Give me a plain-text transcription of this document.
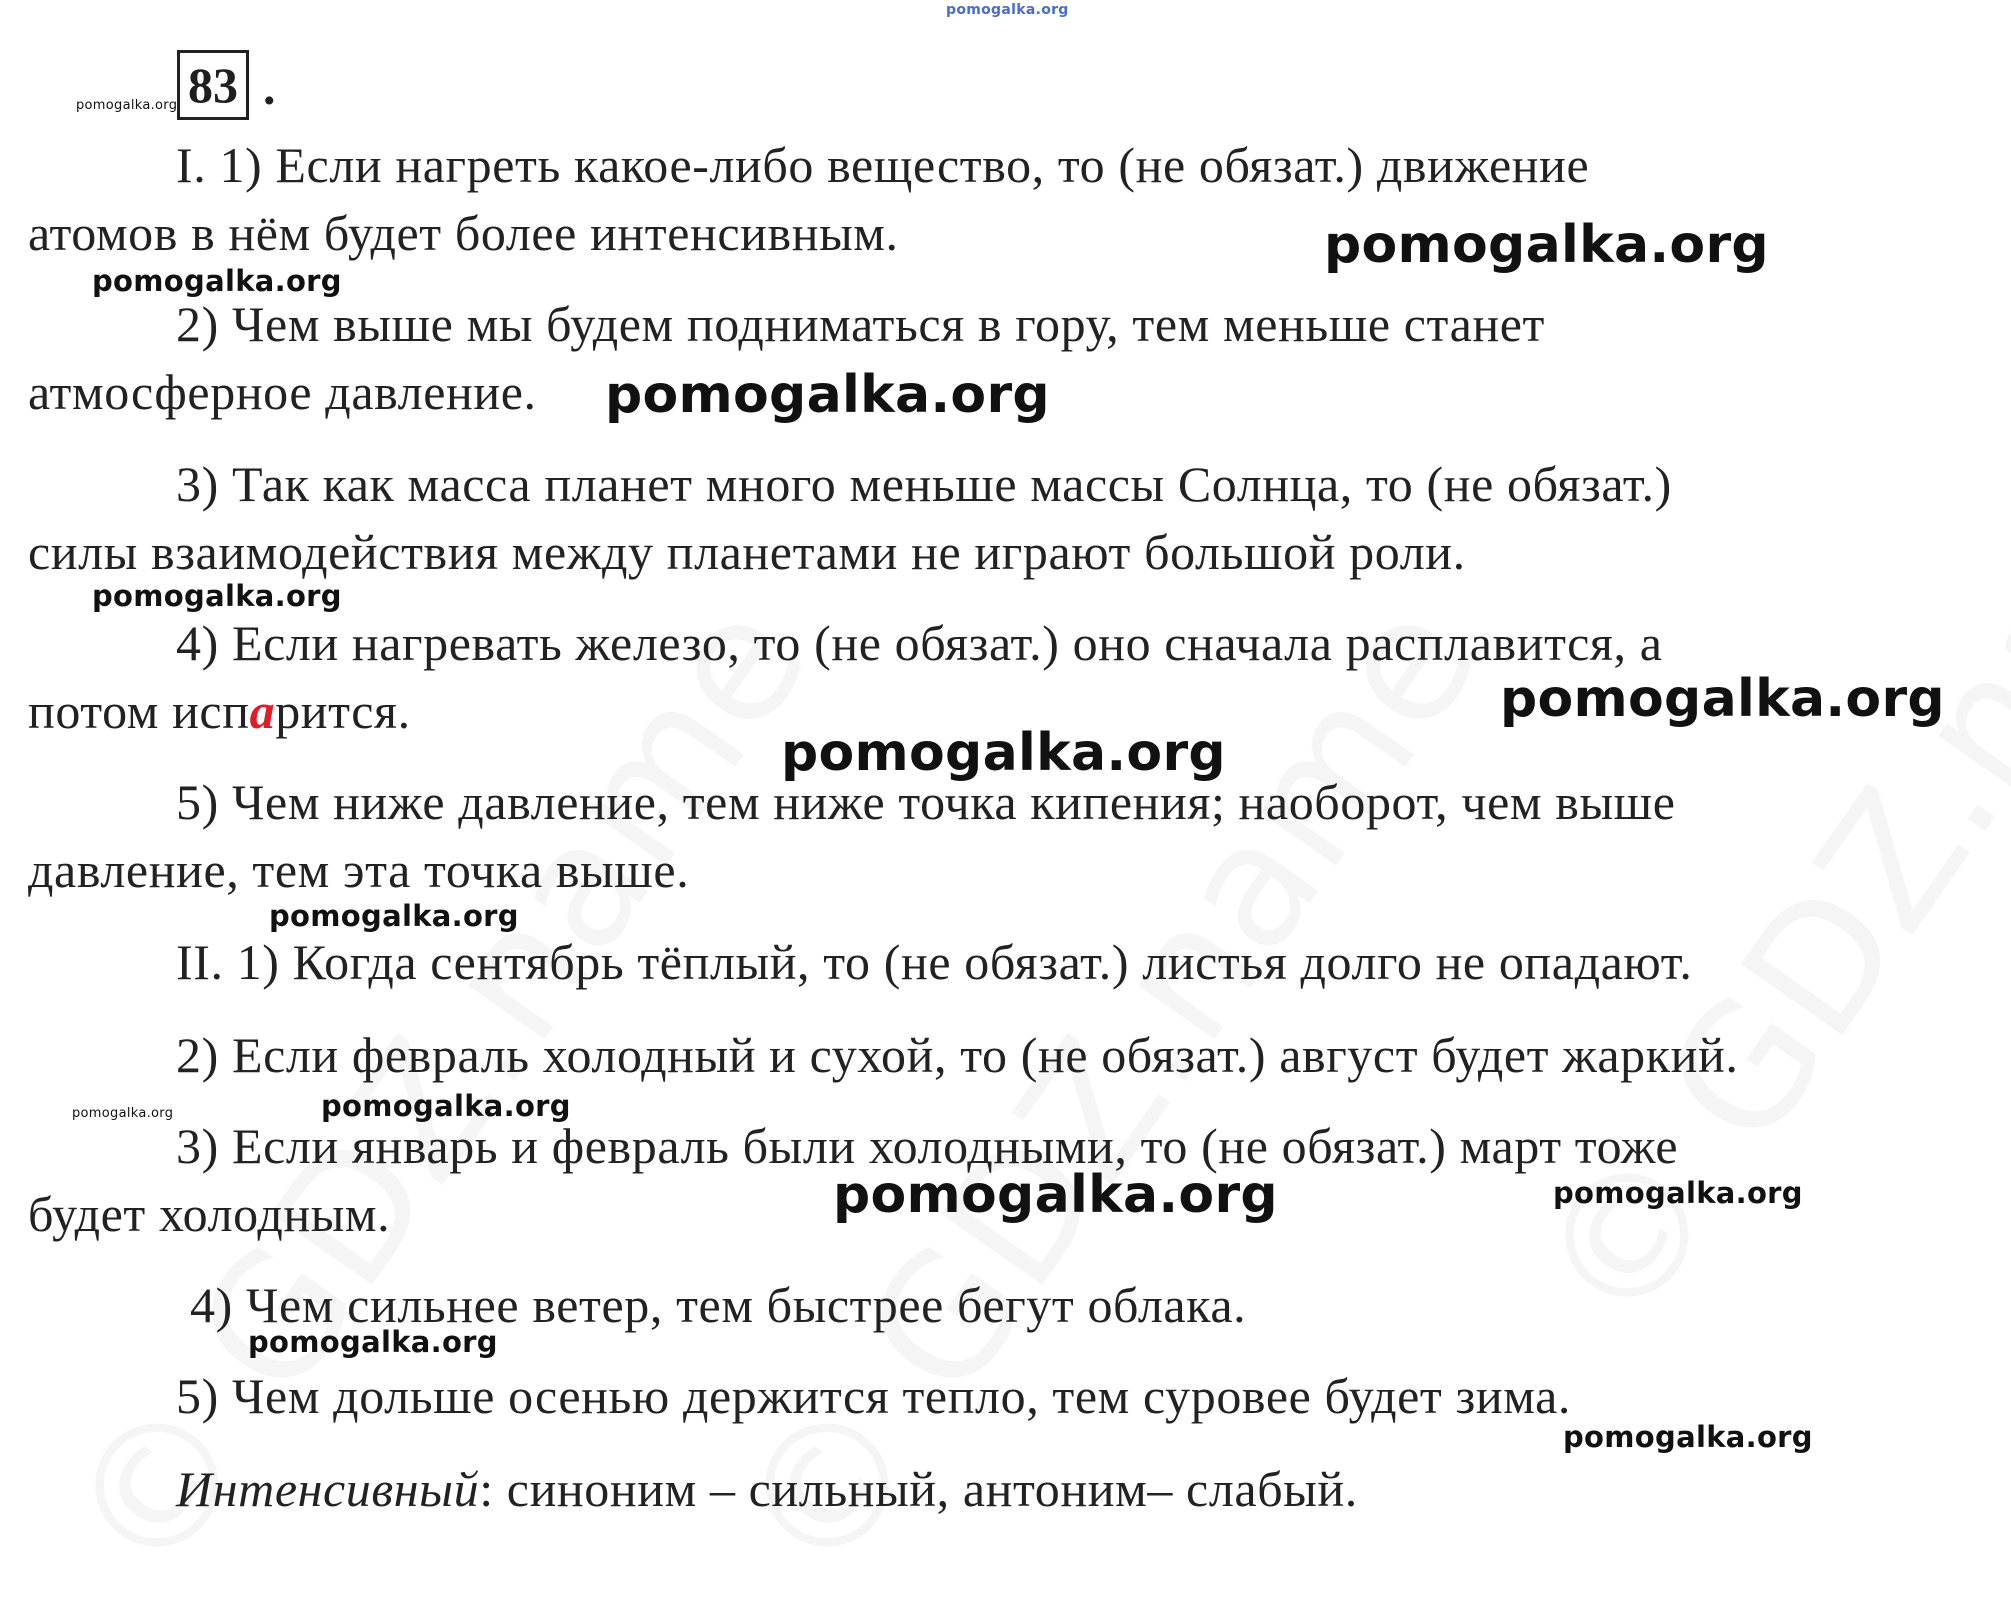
pomogalka.org
83 .
pomogalka.org
I. 1) Если нагреть какое-либо вещество, то (не обязат.) движение
атомов в нём будет более интенсивным.	pomogalka.org
pomogalka.org
2) Чем выше мы будем подниматься в гору, тем меньше станет
атмосферное давление. pomogalka.org
3) Так как масса планет много меньше массы Солнца, то (не обязат.)
силы взаимодействия между планетами не играют большой роли.
pomogalka.org
4) Если нагревать железо, то (не обязат.) оно сначала расплавится, а
потом испарится.	pomogalka.org
pomogalka.org
5) Чем ниже давление, тем ниже точка кипения; наоборот, чем выше
давление, тем эта точка выше.
pomogalka.org
II. 1) Когда сентябрь тёплый, то (не обязат.) листья долго не опадают.
2) Если февраль холодный и сухой, то (не обязат.) август будет жаркий.
pomogalka.org	pomogalka.org
3) Если январь и февраль были холодными, то (не обязат.) март тоже
будет холодным.	pomogalka.org	pomogalka.org
4) Чем сильнее ветер, тем быстрее бегут облака.
pomogalka.org
5) Чем дольше осенью держится тепло, тем суровее будет зима.
pomogalka.org
Интенсивный: синоним – сильный, антоним– слабый.
